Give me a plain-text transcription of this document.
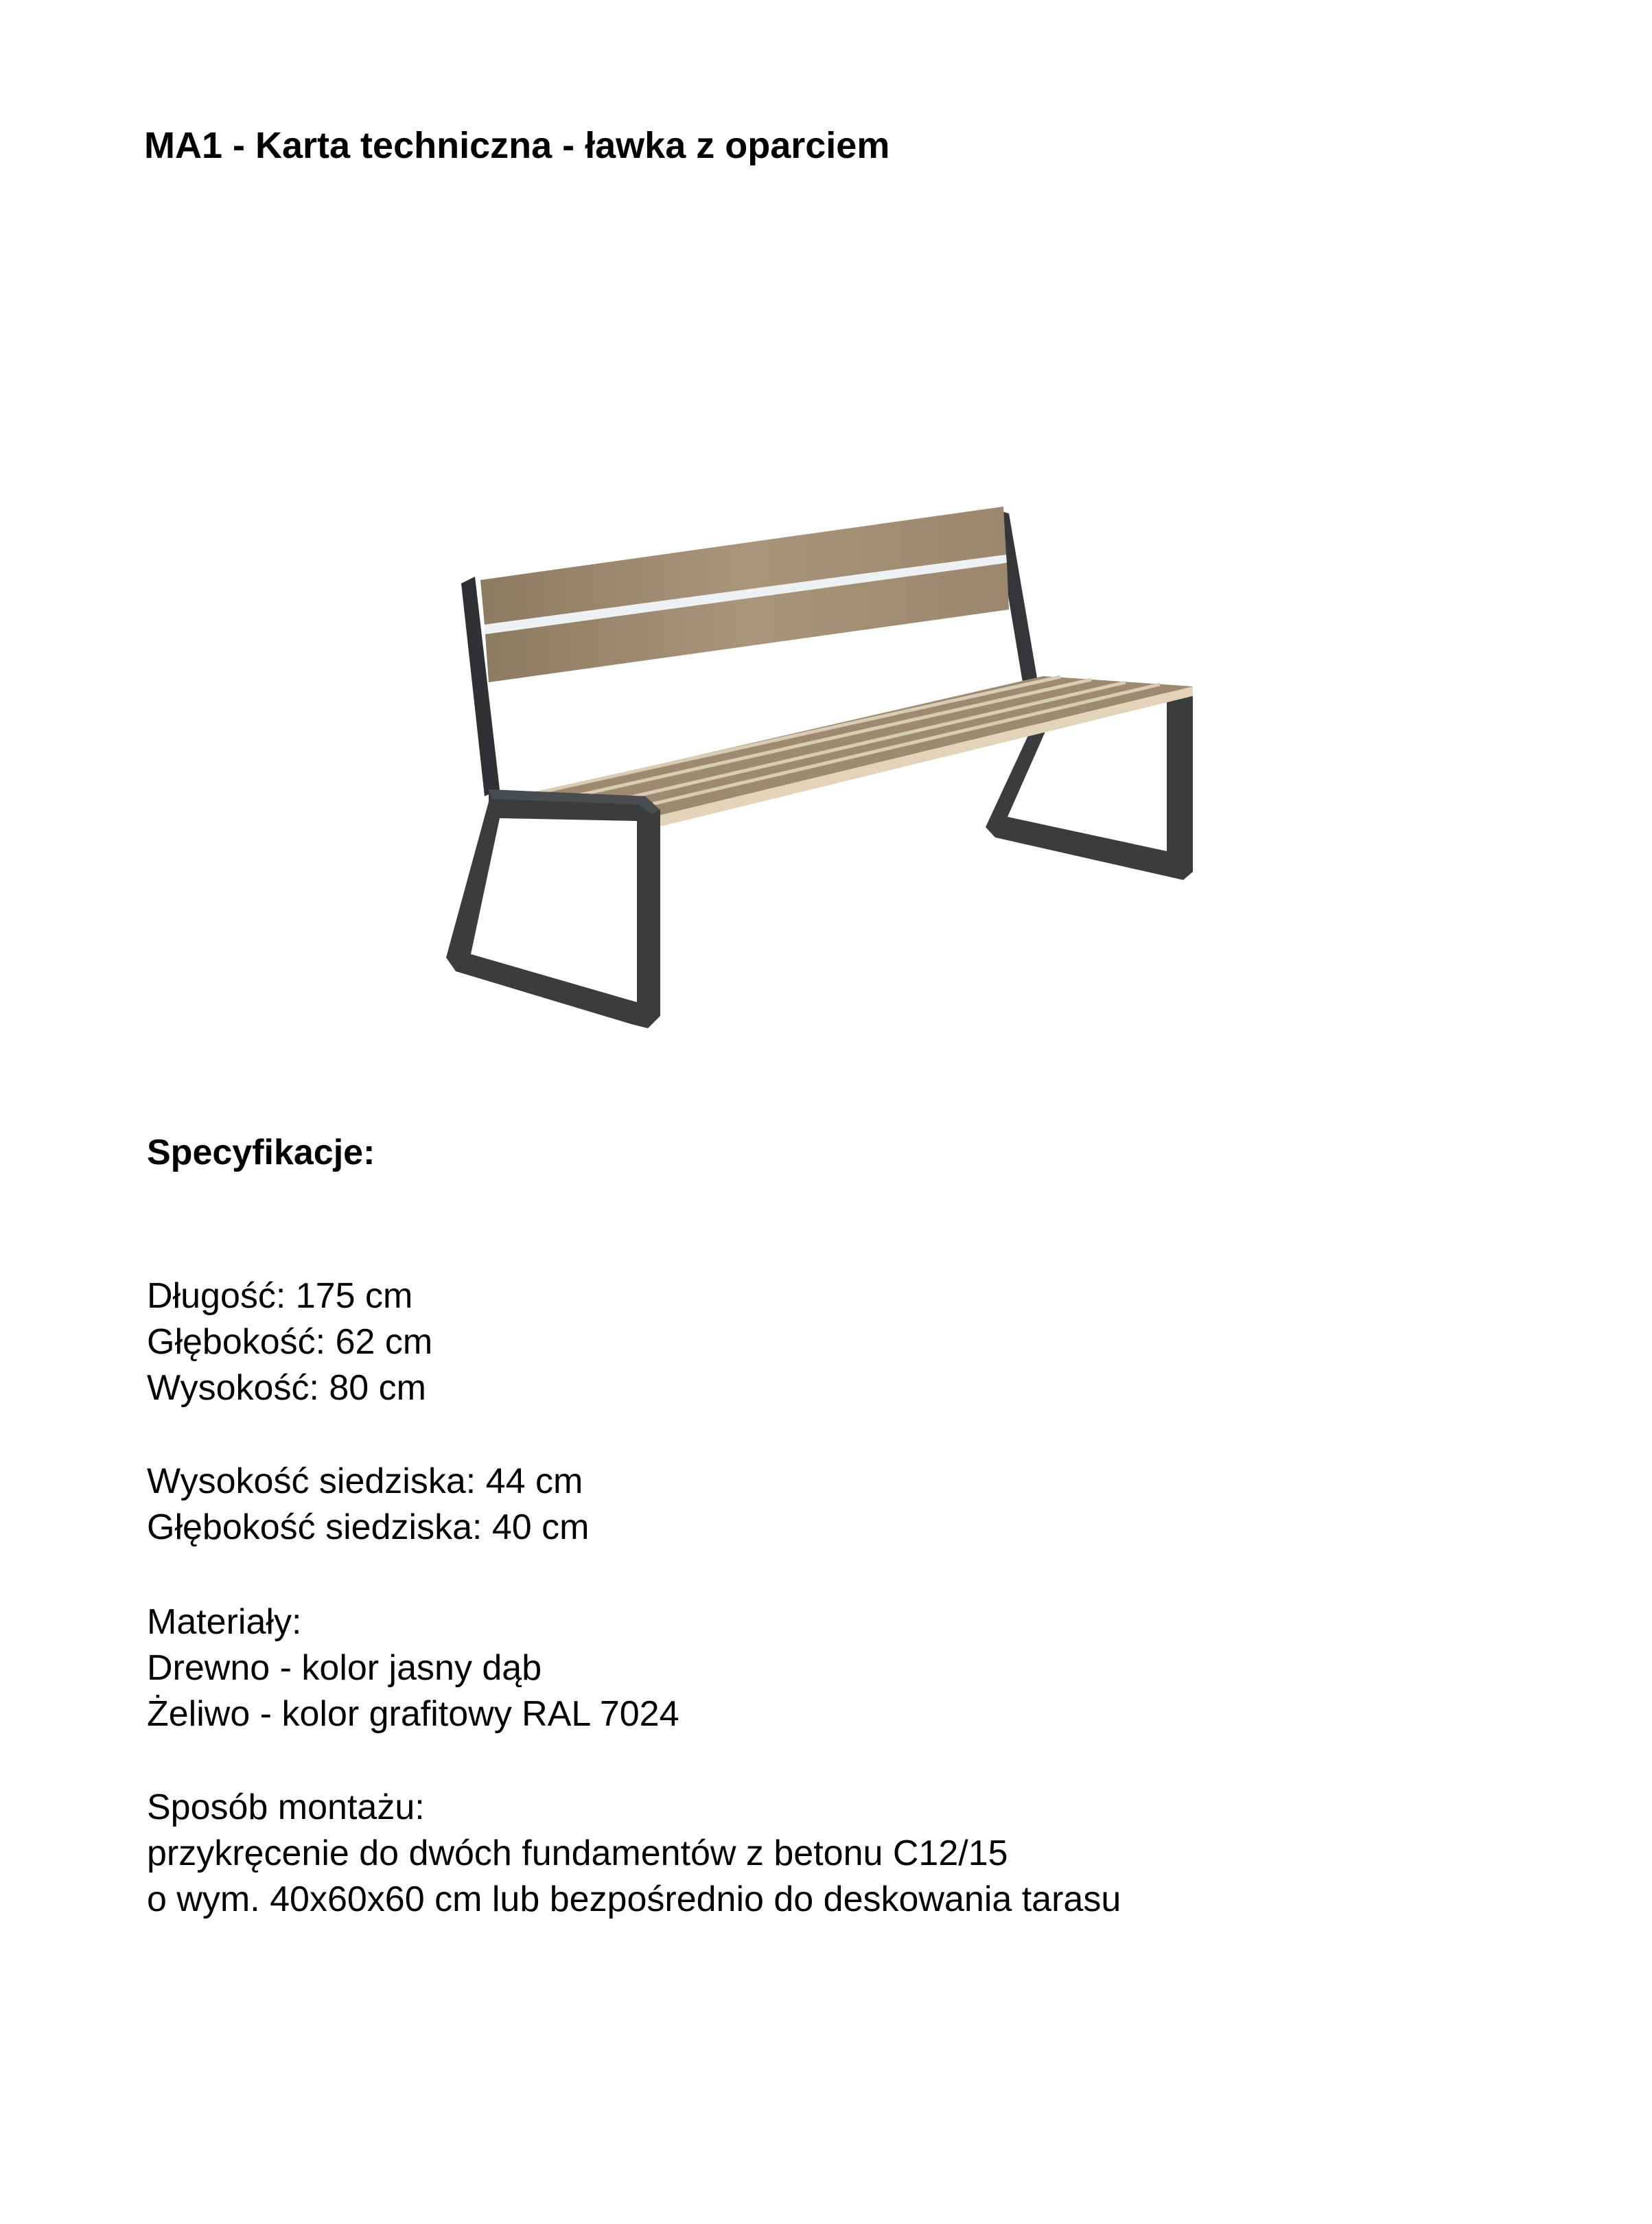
MA1 - Karta techniczna - ławka z oparciem
Specyfikacje:
Długość: 175 cm
Głębokość: 62 cm
Wysokość: 80 cm
Wysokość siedziska: 44 cm
Głębokość siedziska: 40 cm
Materiały:
Drewno - kolor jasny dąb
Żeliwo - kolor grafitowy RAL 7024
Sposób montażu:
przykręcenie do dwóch fundamentów z betonu C12/15
o wym. 40x60x60 cm lub bezpośrednio do deskowania tarasu
